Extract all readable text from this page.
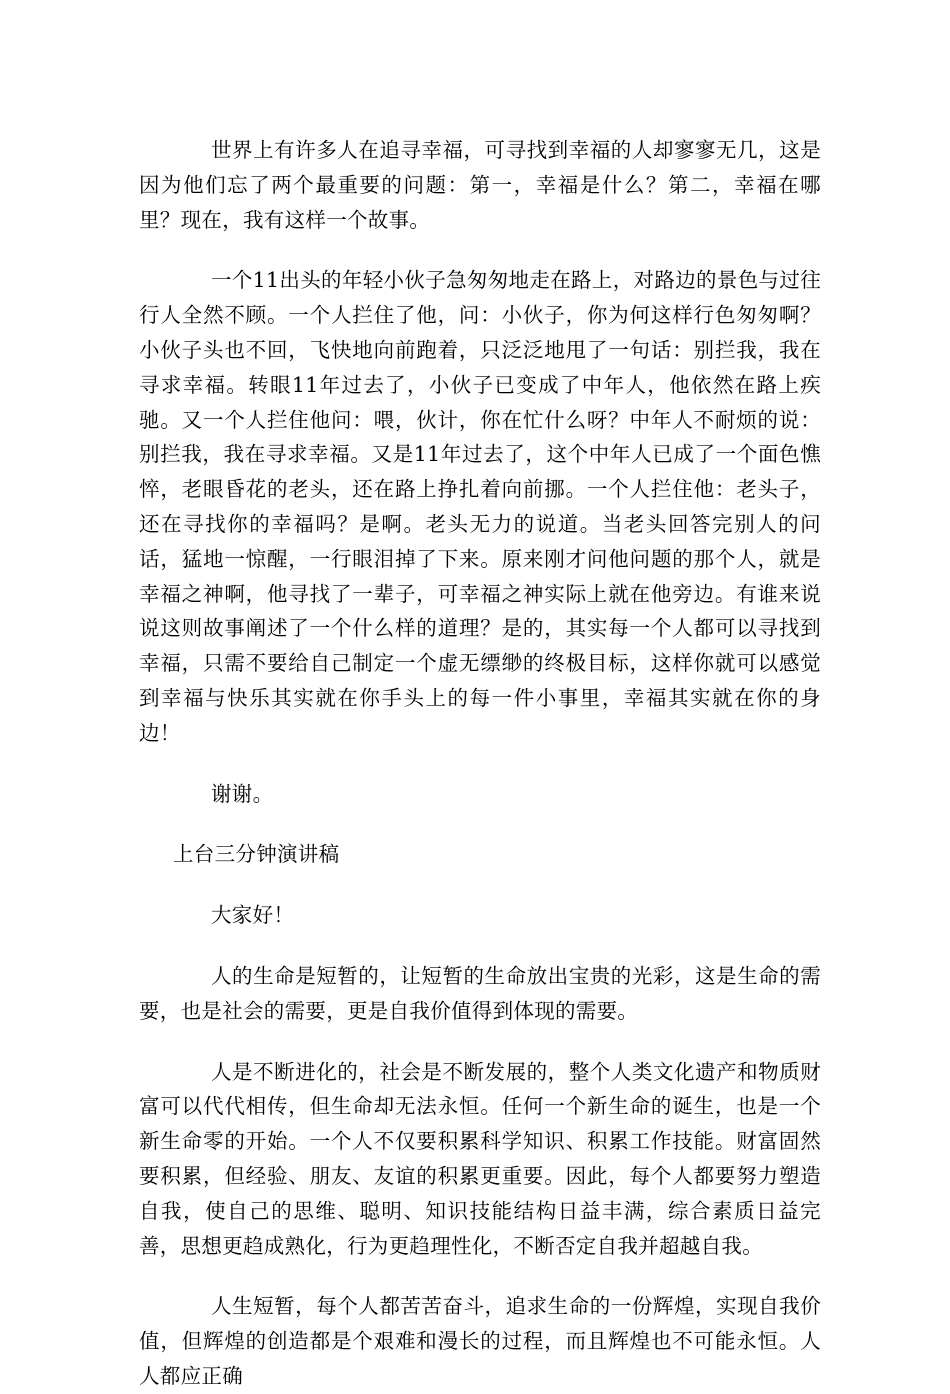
世界上有许多人在追寻幸福，可寻找到幸福的人却寥寥无几，这是因为他们忘了两个最重要的问题：第一，幸福是什么？第二，幸福在哪里？现在，我有这样一个故事。

一个11出头的年轻小伙子急匆匆地走在路上，对路边的景色与过往行人全然不顾。一个人拦住了他，问：小伙子，你为何这样行色匆匆啊？小伙子头也不回，飞快地向前跑着，只泛泛地甩了一句话：别拦我，我在寻求幸福。转眼11年过去了，小伙子已变成了中年人，他依然在路上疾驰。又一个人拦住他问：喂，伙计，你在忙什么呀？中年人不耐烦的说：别拦我，我在寻求幸福。又是11年过去了，这个中年人已成了一个面色憔悴，老眼昏花的老头，还在路上挣扎着向前挪。一个人拦住他：老头子，还在寻找你的幸福吗？是啊。老头无力的说道。当老头回答完别人的问话，猛地一惊醒，一行眼泪掉了下来。原来刚才问他问题的那个人，就是幸福之神啊，他寻找了一辈子，可幸福之神实际上就在他旁边。有谁来说说这则故事阐述了一个什么样的道理？是的，其实每一个人都可以寻找到幸福，只需不要给自己制定一个虚无缥缈的终极目标，这样你就可以感觉到幸福与快乐其实就在你手头上的每一件小事里，幸福其实就在你的身边！

谢谢。

上台三分钟演讲稿

大家好！

人的生命是短暂的，让短暂的生命放出宝贵的光彩，这是生命的需要，也是社会的需要，更是自我价值得到体现的需要。

人是不断进化的，社会是不断发展的，整个人类文化遗产和物质财富可以代代相传，但生命却无法永恒。任何一个新生命的诞生，也是一个新生命零的开始。一个人不仅要积累科学知识、积累工作技能。财富固然要积累，但经验、朋友、友谊的积累更重要。因此，每个人都要努力塑造自我，使自己的思维、聪明、知识技能结构日益丰满，综合素质日益完善，思想更趋成熟化，行为更趋理性化，不断否定自我并超越自我。

人生短暂，每个人都苦苦奋斗，追求生命的一份辉煌，实现自我价值，但辉煌的创造都是个艰难和漫长的过程，而且辉煌也不可能永恒。人人都应正确
